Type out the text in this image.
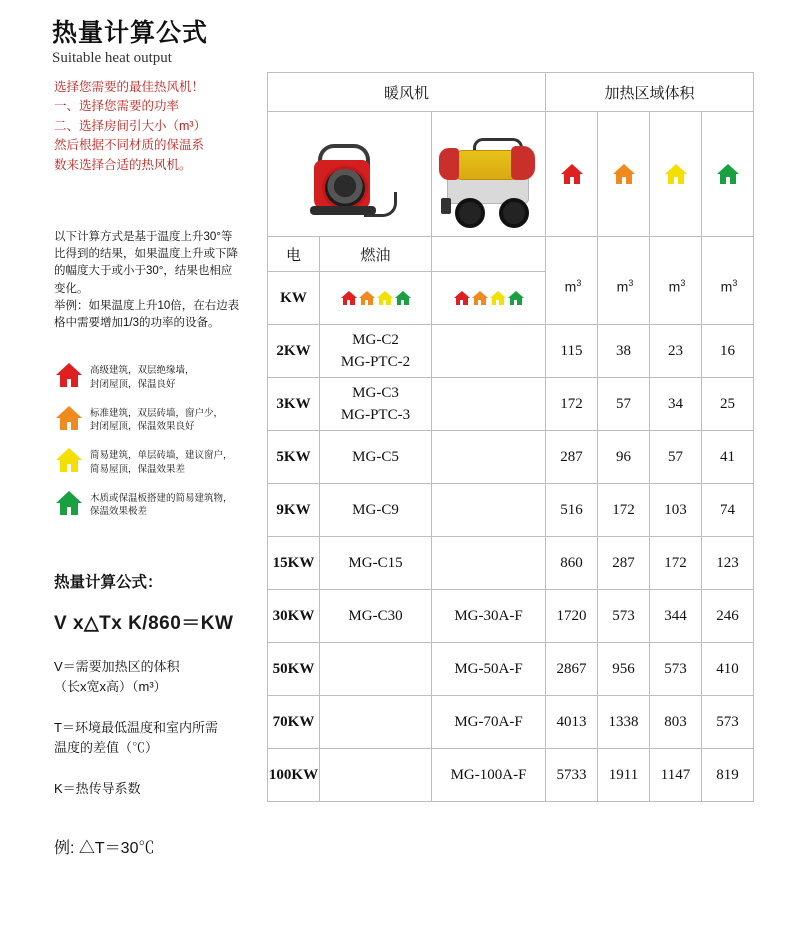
热量计算公式
Suitable heat output
选择您需要的最佳热风机！
一、选择您需要的功率
二、选择房间引大小（m³）
然后根据不同材质的保温系
数来选择合适的热风机。
以下计算方式是基于温度上升30°等
比得到的结果，如果温度上升或下降
的幅度大于或小于30°，结果也相应
变化。
举例：如果温度上升10倍，在右边表
格中需要增加1/3的功率的设备。
高级建筑，双层绝缘墙，
封闭屋顶，保温良好
标准建筑，双层砖墙，窗户少，
封闭屋顶，保温效果良好
简易建筑，单层砖墙，建议窗户，
简易屋顶，保温效果差
木质或保温板搭建的简易建筑物，
保温效果极差
热量计算公式：
V x△Tx K/860＝KW
V＝需要加热区的体积
（长x宽x高）（m³）
T＝环境最低温度和室内所需
温度的差值（℃）
K＝热传导系数
例: △T＝30℃
暖风机			加热区域体积			

电	燃油					
KW					

2KW	MG-C2
MG-PTC-2		115	38	23	16
3KW	MG-C3
MG-PTC-3		172	57	34	25
5KW	MG-C5		287	96	57	41
9KW	MG-C9		516	172	103	74
15KW	MG-C15		860	287	172	123
30KW	MG-C30	MG-30A-F	1720	573	344	246
50KW		MG-50A-F	2867	956	573	410
70KW		MG-70A-F	4013	1338	803	573
100KW		MG-100A-F	5733	1911	1147	819
$m^3$	$m^3$	$m^3$	$m^3$
